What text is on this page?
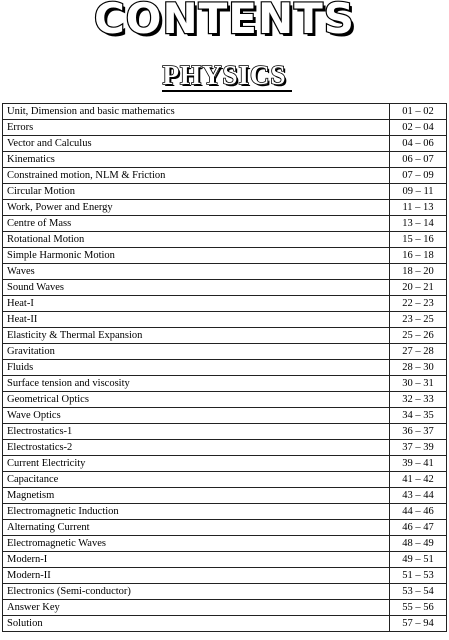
CONTENTS
PHYSICS
Unit, Dimension and basic mathematics	01 – 02
Errors	02 – 04
Vector and Calculus	04 – 06
Kinematics	06 – 07
Constrained motion, NLM & Friction	07 – 09
Circular Motion	09 – 11
Work, Power and Energy	11 – 13
Centre of Mass	13 – 14
Rotational Motion	15 – 16
Simple Harmonic Motion	16 – 18
Waves	18 – 20
Sound Waves	20 – 21
Heat-I	22 – 23
Heat-II	23 – 25
Elasticity & Thermal Expansion	25 – 26
Gravitation	27 – 28
Fluids	28 – 30
Surface tension and viscosity	30 – 31
Geometrical Optics	32 – 33
Wave Optics	34 – 35
Electrostatics-1	36 – 37
Electrostatics-2	37 – 39
Current Electricity	39 – 41
Capacitance	41 – 42
Magnetism	43 – 44
Electromagnetic Induction	44 – 46
Alternating Current	46 – 47
Electromagnetic Waves	48 – 49
Modern-I	49 – 51
Modern-II	51 – 53
Electronics (Semi-conductor)	53 – 54
Answer Key	55 – 56
Solution	57 – 94
